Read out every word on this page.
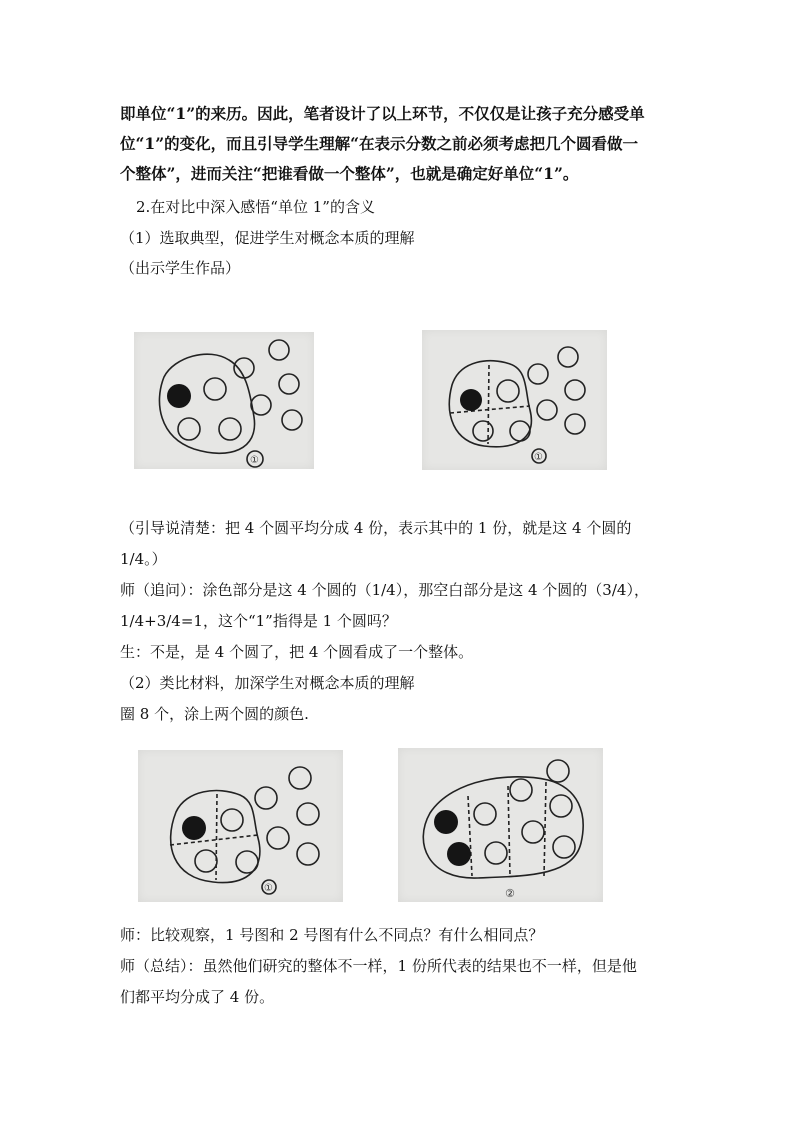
即单位“1”的来历。因此，笔者设计了以上环节，不仅仅是让孩子充分感受单
位“1”的变化，而且引导学生理解“在表示分数之前必须考虑把几个圆看做一
个整体”，进而关注“把谁看做一个整体”，也就是确定好单位“1”。
2.在对比中深入感悟“单位 1”的含义
（1）选取典型，促进学生对概念本质的理解
（出示学生作品）
①	①
（引导说清楚：把 4 个圆平均分成 4 份，表示其中的 1 份，就是这 4 个圆的
1/4。）
师（追问）：涂色部分是这 4 个圆的（1/4），那空白部分是这 4 个圆的（3/4），
1/4+3/4=1，这个“1”指得是 1 个圆吗？
生：不是，是 4 个圆了，把 4 个圆看成了一个整体。
（2）类比材料，加深学生对概念本质的理解
圈 8 个，涂上两个圆的颜色.
①	②
师：比较观察，1 号图和 2 号图有什么不同点？有什么相同点？
师（总结）：虽然他们研究的整体不一样，1 份所代表的结果也不一样，但是他
们都平均分成了 4 份。
